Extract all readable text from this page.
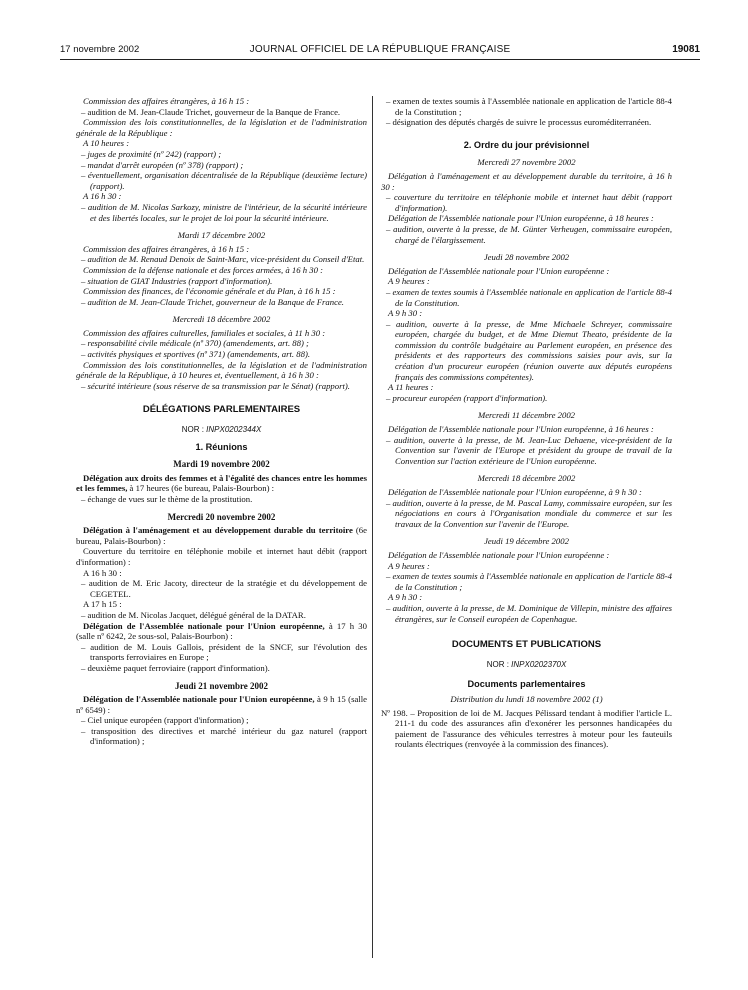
17 novembre 2002	JOURNAL OFFICIEL DE LA RÉPUBLIQUE FRANÇAISE	19081

Commission des affaires étrangères, à 16 h 15 :

– audition de M. Jean-Claude Trichet, gouverneur de la Banque de France.

Commission des lois constitutionnelles, de la législation et de l'administration générale de la République :

A 10 heures :

– juges de proximité (nº 242) (rapport) ;

– mandat d'arrêt européen (nº 378) (rapport) ;

– éventuellement, organisation décentralisée de la République (deuxième lecture) (rapport).

A 16 h 30 :

– audition de M. Nicolas Sarkozy, ministre de l'intérieur, de la sécurité intérieure et des libertés locales, sur le projet de loi pour la sécurité intérieure.

Mardi 17 décembre 2002

Commission des affaires étrangères, à 16 h 15 :

– audition de M. Renaud Denoix de Saint-Marc, vice-président du Conseil d'Etat.

Commission de la défense nationale et des forces armées, à 16 h 30 :

– situation de GIAT Industries (rapport d'information).

Commission des finances, de l'économie générale et du Plan, à 16 h 15 :

– audition de M. Jean-Claude Trichet, gouverneur de la Banque de France.

Mercredi 18 décembre 2002

Commission des affaires culturelles, familiales et sociales, à 11 h 30 :

– responsabilité civile médicale (nº 370) (amendements, art. 88) ;

– activités physiques et sportives (nº 371) (amendements, art. 88).

Commission des lois constitutionnelles, de la législation et de l'administration générale de la République, à 10 heures et, éventuellement, à 16 h 30 :

– sécurité intérieure (sous réserve de sa transmission par le Sénat) (rapport).

DÉLÉGATIONS PARLEMENTAIRES

NOR : INPX0202344X

1. Réunions

Mardi 19 novembre 2002

Délégation aux droits des femmes et à l'égalité des chances entre les hommes et les femmes, à 17 heures (6e bureau, Palais-Bourbon) :

– échange de vues sur le thème de la prostitution.

Mercredi 20 novembre 2002

Délégation à l'aménagement et au développement durable du territoire (6e bureau, Palais-Bourbon) :

Couverture du territoire en téléphonie mobile et internet haut débit (rapport d'information) :

A 16 h 30 :

– audition de M. Eric Jacoty, directeur de la stratégie et du développement de CEGETEL.

A 17 h 15 :

– audition de M. Nicolas Jacquet, délégué général de la DATAR.

Délégation de l'Assemblée nationale pour l'Union européenne, à 17 h 30 (salle nº 6242, 2e sous-sol, Palais-Bourbon) :

– audition de M. Louis Gallois, président de la SNCF, sur l'évolution des transports ferroviaires en Europe ;

– deuxième paquet ferroviaire (rapport d'information).

Jeudi 21 novembre 2002

Délégation de l'Assemblée nationale pour l'Union européenne, à 9 h 15 (salle nº 6549) :

– Ciel unique européen (rapport d'information) ;

– transposition des directives et marché intérieur du gaz naturel (rapport d'information) ;

– examen de textes soumis à l'Assemblée nationale en application de l'article 88-4 de la Constitution ;

– désignation des députés chargés de suivre le processus euroméditerranéen.

2. Ordre du jour prévisionnel

Mercredi 27 novembre 2002

Délégation à l'aménagement et au développement durable du territoire, à 16 h 30 :

– couverture du territoire en téléphonie mobile et internet haut débit (rapport d'information).

Délégation de l'Assemblée nationale pour l'Union européenne, à 18 heures :

– audition, ouverte à la presse, de M. Günter Verheugen, commissaire européen, chargé de l'élargissement.

Jeudi 28 novembre 2002

Délégation de l'Assemblée nationale pour l'Union européenne :

A 9 heures :

– examen de textes soumis à l'Assemblée nationale en application de l'article 88-4 de la Constitution.

A 9 h 30 :

– audition, ouverte à la presse, de Mme Michaele Schreyer, commissaire européen, chargée du budget, et de Mme Diemut Theato, présidente de la commission du contrôle budgétaire au Parlement européen, en présence des présidents et des rapporteurs des commissions saisies pour avis, sur la création d'un procureur européen (réunion ouverte aux députés européens français des commissions compétentes).

A 11 heures :

– procureur européen (rapport d'information).

Mercredi 11 décembre 2002

Délégation de l'Assemblée nationale pour l'Union européenne, à 16 heures :

– audition, ouverte à la presse, de M. Jean-Luc Dehaene, vice-président de la Convention sur l'avenir de l'Europe et président du groupe de travail de la Convention sur l'action extérieure de l'Union européenne.

Mercredi 18 décembre 2002

Délégation de l'Assemblée nationale pour l'Union européenne, à 9 h 30 :

– audition, ouverte à la presse, de M. Pascal Lamy, commissaire européen, sur les négociations en cours à l'Organisation mondiale du commerce et sur les travaux de la Convention sur l'avenir de l'Europe.

Jeudi 19 décembre 2002

Délégation de l'Assemblée nationale pour l'Union européenne :

A 9 heures :

– examen de textes soumis à l'Assemblée nationale en application de l'article 88-4 de la Constitution ;

A 9 h 30 :

– audition, ouverte à la presse, de M. Dominique de Villepin, ministre des affaires étrangères, sur le Conseil européen de Copenhague.

DOCUMENTS ET PUBLICATIONS

NOR : INPX0202370X

Documents parlementaires

Distribution du lundi 18 novembre 2002 (1)

Nº 198. – Proposition de loi de M. Jacques Pélissard tendant à modifier l'article L. 211-1 du code des assurances afin d'exonérer les personnes handicapées du paiement de l'assurance des véhicules terrestres à moteur pour les fauteuils roulants électriques (renvoyée à la commission des finances).
